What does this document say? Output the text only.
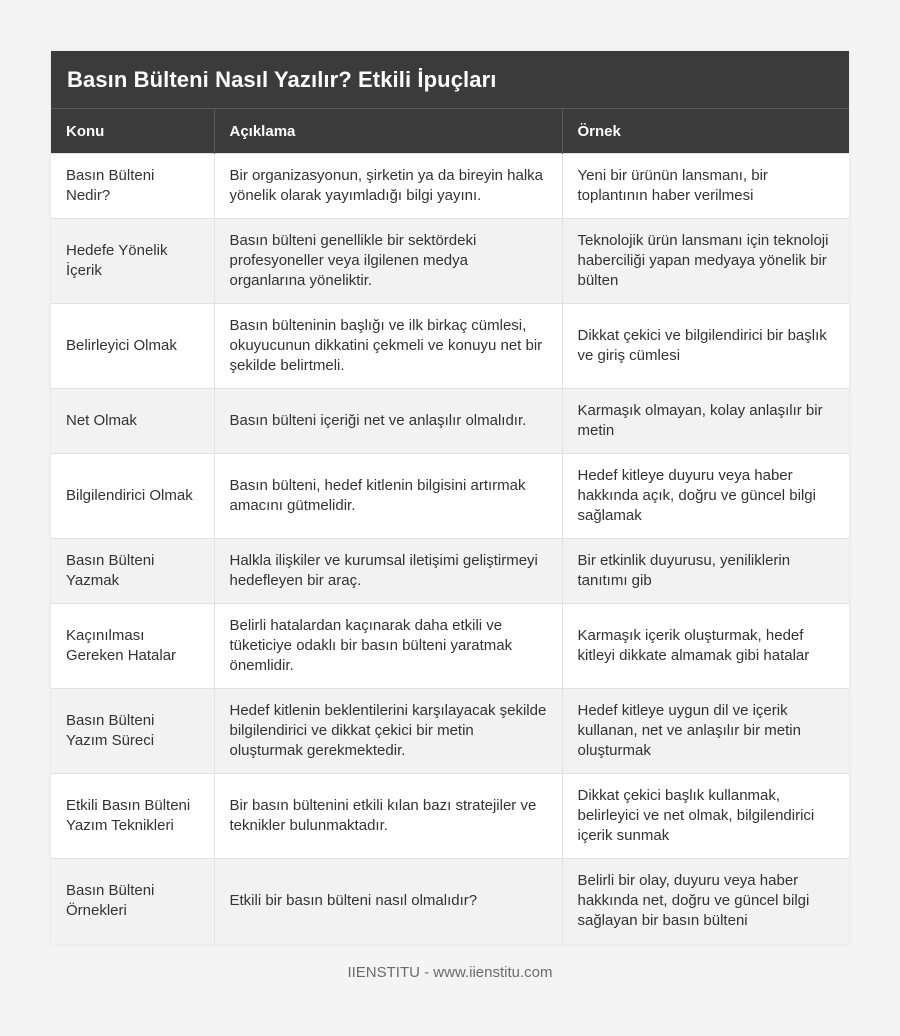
Basın Bülteni Nasıl Yazılır? Etkili İpuçları
Konu	Açıklama	Örnek
Basın Bülteni Nedir?	Bir organizasyonun, şirketin ya da bireyin halka yönelik olarak yayımladığı bilgi yayını.	Yeni bir ürünün lansmanı, bir toplantının haber verilmesi
Hedefe Yönelik İçerik	Basın bülteni genellikle bir sektördeki profesyoneller veya ilgilenen medya organlarına yöneliktir.	Teknolojik ürün lansmanı için teknoloji haberciliği yapan medyaya yönelik bir bülten
Belirleyici Olmak	Basın bülteninin başlığı ve ilk birkaç cümlesi, okuyucunun dikkatini çekmeli ve konuyu net bir şekilde belirtmeli.	Dikkat çekici ve bilgilendirici bir başlık ve giriş cümlesi
Net Olmak	Basın bülteni içeriği net ve anlaşılır olmalıdır.	Karmaşık olmayan, kolay anlaşılır bir metin
Bilgilendirici Olmak	Basın bülteni, hedef kitlenin bilgisini artırmak amacını gütmelidir.	Hedef kitleye duyuru veya haber hakkında açık, doğru ve güncel bilgi sağlamak
Basın Bülteni Yazmak	Halkla ilişkiler ve kurumsal iletişimi geliştirmeyi hedefleyen bir araç.	Bir etkinlik duyurusu, yeniliklerin tanıtımı gib
Kaçınılması Gereken Hatalar	Belirli hatalardan kaçınarak daha etkili ve tüketiciye odaklı bir basın bülteni yaratmak önemlidir.	Karmaşık içerik oluşturmak, hedef kitleyi dikkate almamak gibi hatalar
Basın Bülteni Yazım Süreci	Hedef kitlenin beklentilerini karşılayacak şekilde bilgilendirici ve dikkat çekici bir metin oluşturmak gerekmektedir.	Hedef kitleye uygun dil ve içerik kullanan, net ve anlaşılır bir metin oluşturmak
Etkili Basın Bülteni Yazım Teknikleri	Bir basın bültenini etkili kılan bazı stratejiler ve teknikler bulunmaktadır.	Dikkat çekici başlık kullanmak, belirleyici ve net olmak, bilgilendirici içerik sunmak
Basın Bülteni Örnekleri	Etkili bir basın bülteni nasıl olmalıdır?	Belirli bir olay, duyuru veya haber hakkında net, doğru ve güncel bilgi sağlayan bir basın bülteni
IIENSTITU - www.iienstitu.com
